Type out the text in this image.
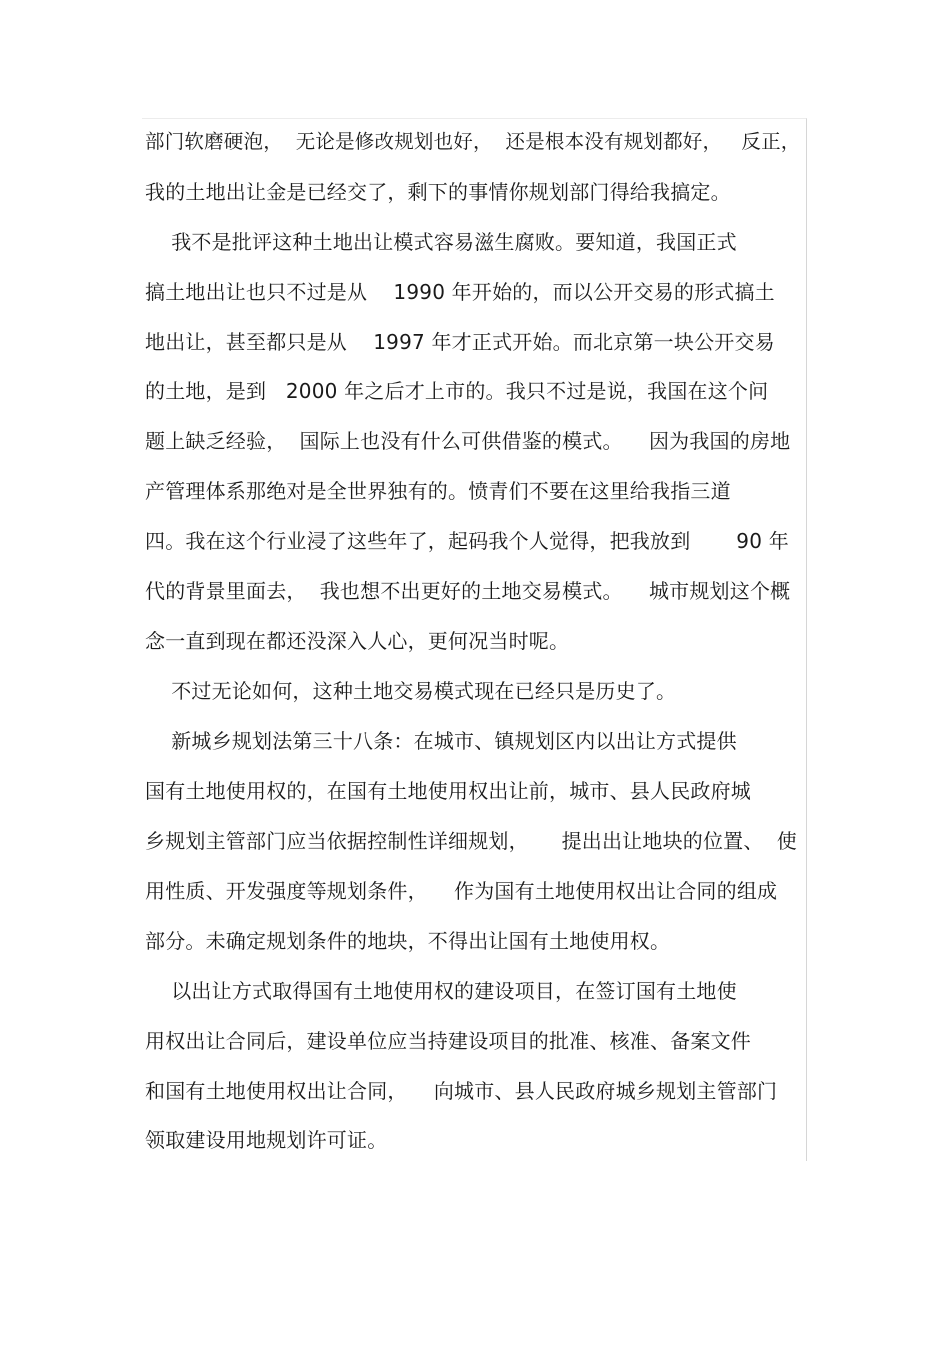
部门软磨硬泡，  无论是修改规划也好，  还是根本没有规划都好，   反正，
我的土地出让金是已经交了，剩下的事情你规划部门得给我搞定。
我不是批评这种土地出让模式容易滋生腐败。要知道，我国正式
搞土地出让也只不过是从    1990 年开始的，而以公开交易的形式搞土
地出让，甚至都只是从    1997 年才正式开始。而北京第一块公开交易
的土地，是到   2000 年之后才上市的。我只不过是说，我国在这个问
题上缺乏经验，  国际上也没有什么可供借鉴的模式。    因为我国的房地
产管理体系那绝对是全世界独有的。愤青们不要在这里给我指三道
四。我在这个行业浸了这些年了，起码我个人觉得，把我放到       90 年
代的背景里面去，  我也想不出更好的土地交易模式。    城市规划这个概
念一直到现在都还没深入人心，更何况当时呢。
不过无论如何，这种土地交易模式现在已经只是历史了。
新城乡规划法第三十八条：在城市、镇规划区内以出让方式提供
国有土地使用权的，在国有土地使用权出让前，城市、县人民政府城
乡规划主管部门应当依据控制性详细规划，     提出出让地块的位置、  使
用性质、开发强度等规划条件，    作为国有土地使用权出让合同的组成
部分。未确定规划条件的地块，不得出让国有土地使用权。
以出让方式取得国有土地使用权的建设项目，在签订国有土地使
用权出让合同后，建设单位应当持建设项目的批准、核准、备案文件
和国有土地使用权出让合同，    向城市、县人民政府城乡规划主管部门
领取建设用地规划许可证。
